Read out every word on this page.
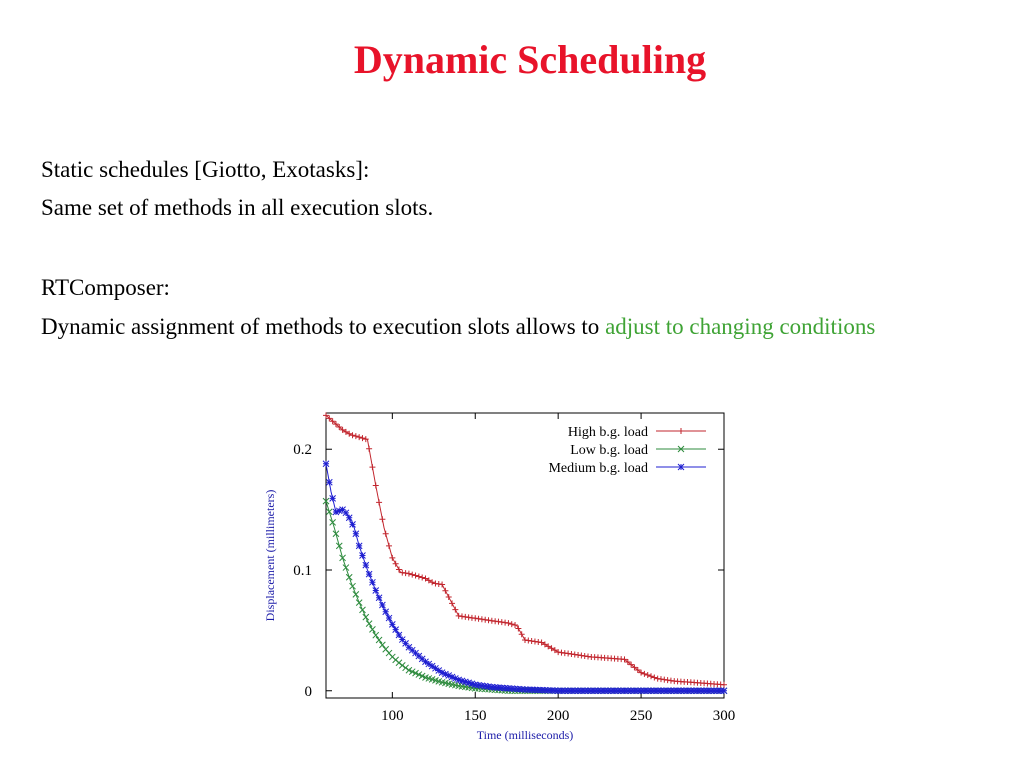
Dynamic Scheduling
Static schedules [Giotto, Exotasks]:
Same set of methods in all execution slots.
RTComposer:
Dynamic assignment of methods to execution slots allows to adjust to changing conditions
100	150	200	250	300
0
0.1
0.2
Time (milliseconds)
Displacement (millimeters)
High b.g. load
Low b.g. load
Medium b.g. load
